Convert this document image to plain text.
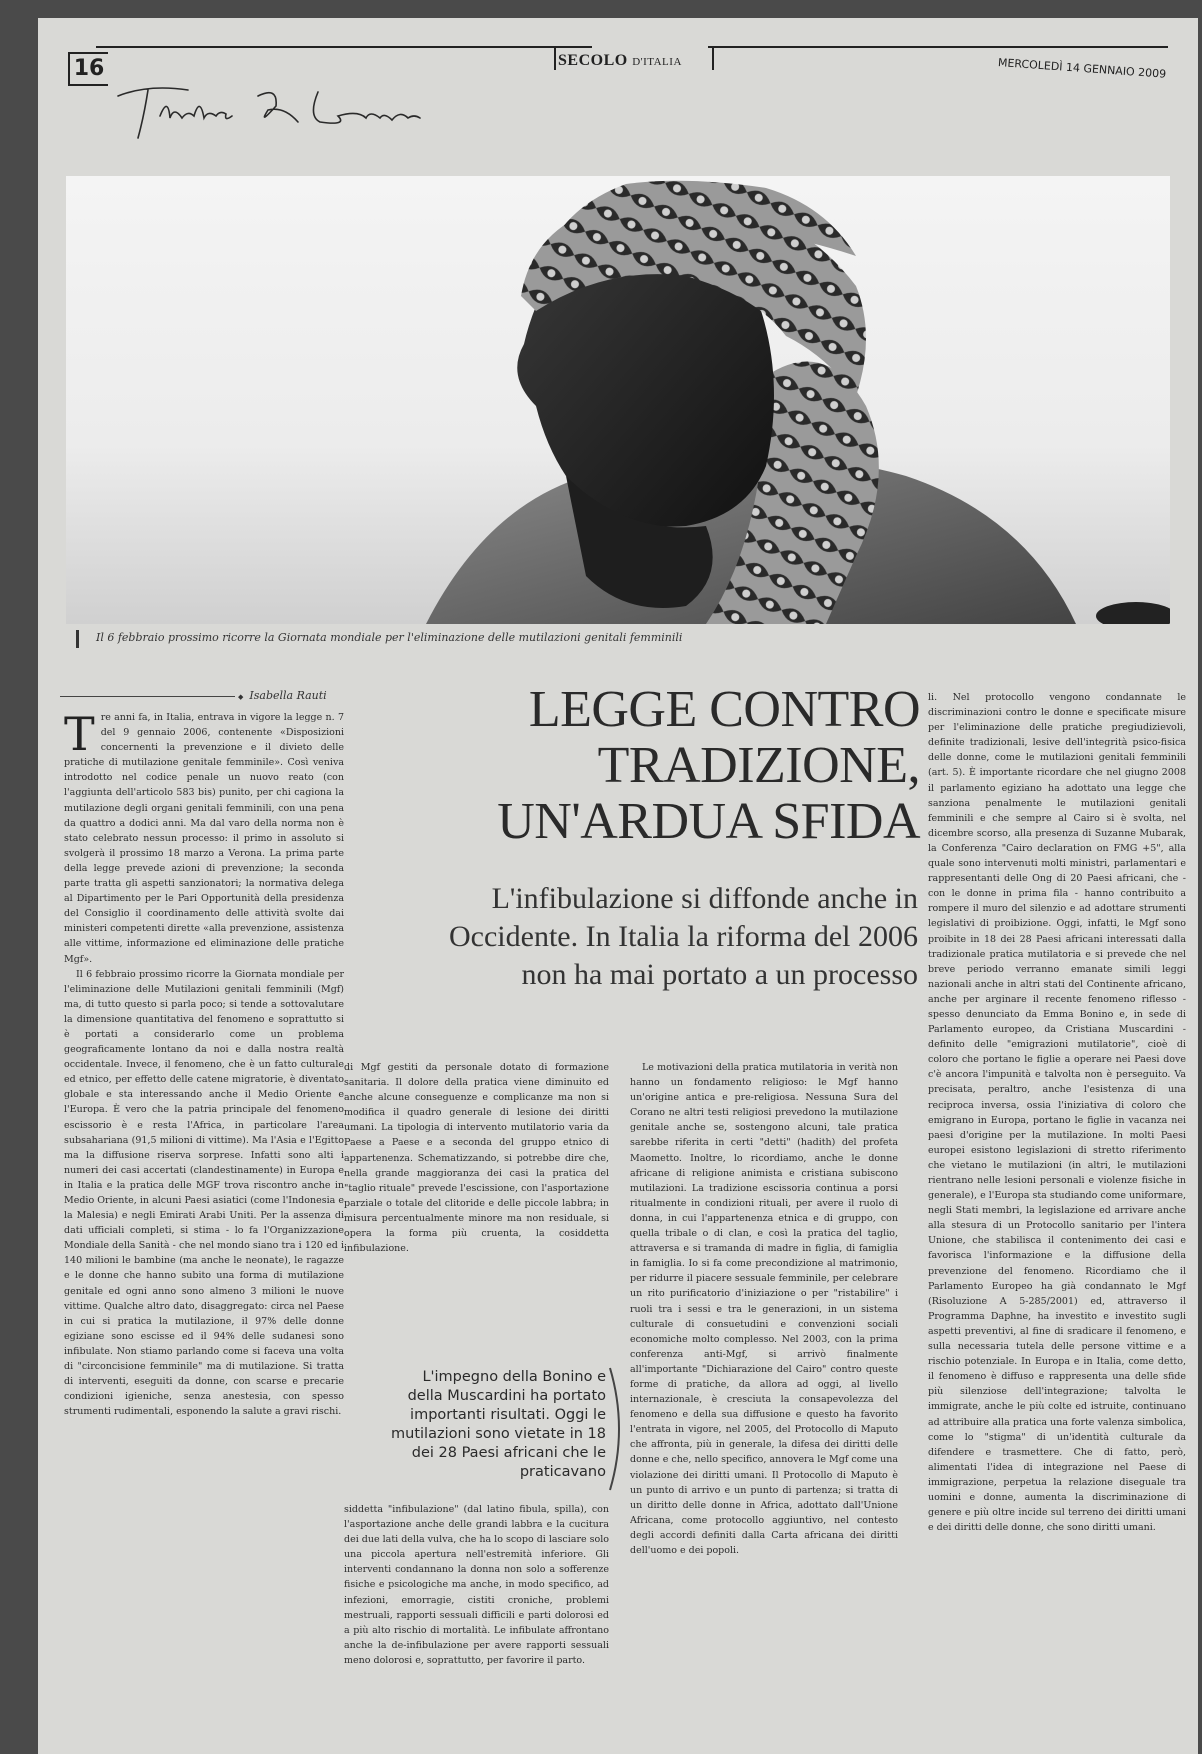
16	SECOLO D'ITALIA	MERCOLEDÌ 14 GENNAIO 2009
Il 6 febbraio prossimo ricorre la Giornata mondiale per l'eliminazione delle mutilazioni genitali femminili
◆ Isabella Rauti	LEGGE CONTRO
TRADIZIONE,
UN'ARDUA SFIDA
L'infibulazione si diffonde anche in Occidente. In Italia la riforma del 2006 non ha mai portato a un processo

Tre anni fa, in Italia, entrava in vigore la legge n. 7 del 9 gennaio 2006, contenente «Disposizioni concernenti la prevenzione e il divieto delle pratiche di mutilazione genitale femminile». Così veniva introdotto nel codice penale un nuovo reato (con l'aggiunta dell'articolo 583 bis) punito, per chi cagiona la mutilazione degli organi genitali femminili, con una pena da quattro a dodici anni. Ma dal varo della norma non è stato celebrato nessun processo: il primo in assoluto si svolgerà il prossimo 18 marzo a Verona. La prima parte della legge prevede azioni di prevenzione; la seconda parte tratta gli aspetti sanzionatori; la normativa delega al Dipartimento per le Pari Opportunità della presidenza del Consiglio il coordinamento delle attività svolte dai ministeri competenti dirette «alla prevenzione, assistenza alle vittime, informazione ed eliminazione delle pratiche Mgf».

Il 6 febbraio prossimo ricorre la Giornata mondiale per l'eliminazione delle Mutilazioni genitali femminili (Mgf) ma, di tutto questo si parla poco; si tende a sottovalutare la dimensione quantitativa del fenomeno e soprattutto si è portati a considerarlo come un problema geograficamente lontano da noi e dalla nostra realtà occidentale. Invece, il fenomeno, che è un fatto culturale ed etnico, per effetto delle catene migratorie, è diventato globale e sta interessando anche il Medio Oriente e l'Europa. È vero che la patria principale del fenomeno escissorio è e resta l'Africa, in particolare l'area subsahariana (91,5 milioni di vittime). Ma l'Asia e l'Egitto ma la diffusione riserva sorprese. Infatti sono alti i numeri dei casi accertati (clandestinamente) in Europa e in Italia e la pratica delle MGF trova riscontro anche in Medio Oriente, in alcuni Paesi asiatici (come l'Indonesia e la Malesia) e negli Emirati Arabi Uniti. Per la assenza di dati ufficiali completi, si stima - lo fa l'Organizzazione Mondiale della Sanità - che nel mondo siano tra i 120 ed i 140 milioni le bambine (ma anche le neonate), le ragazze e le donne che hanno subito una forma di mutilazione genitale ed ogni anno sono almeno 3 milioni le nuove vittime. Qualche altro dato, disaggregato: circa nel Paese in cui si pratica la mutilazione, il 97% delle donne egiziane sono escisse ed il 94% delle sudanesi sono infibulate. Non stiamo parlando come si faceva una volta di "circoncisione femminile" ma di mutilazione. Si tratta di interventi, eseguiti da donne, con scarse e precarie condizioni igieniche, senza anestesia, con spesso strumenti rudimentali, esponendo la salute a gravi rischi.

di Mgf gestiti da personale dotato di formazione sanitaria. Il dolore della pratica viene diminuito ed anche alcune conseguenze e complicanze ma non si modifica il quadro generale di lesione dei diritti umani. La tipologia di intervento mutilatorio varia da Paese a Paese e a seconda del gruppo etnico di appartenenza. Schematizzando, si potrebbe dire che, nella grande maggioranza dei casi la pratica del "taglio rituale" prevede l'escissione, con l'asportazione parziale o totale del clitoride e delle piccole labbra; in misura percentualmente minore ma non residuale, si opera la forma più cruenta, la cosiddetta infibulazione.

L'impegno della Bonino e della Muscardini ha portato importanti risultati. Oggi le mutilazioni sono vietate in 18 dei 28 Paesi africani che le praticavano

siddetta "infibulazione" (dal latino fibula, spilla), con l'asportazione anche delle grandi labbra e la cucitura dei due lati della vulva, che ha lo scopo di lasciare solo una piccola apertura nell'estremità inferiore. Gli interventi condannano la donna non solo a sofferenze fisiche e psicologiche ma anche, in modo specifico, ad infezioni, emorragie, cistiti croniche, problemi mestruali, rapporti sessuali difficili e parti dolorosi ed a più alto rischio di mortalità. Le infibulate affrontano anche la de-infibulazione per avere rapporti sessuali meno dolorosi e, soprattutto, per favorire il parto.

Le motivazioni della pratica mutilatoria in verità non hanno un fondamento religioso: le Mgf hanno un'origine antica e pre-religiosa. Nessuna Sura del Corano ne altri testi religiosi prevedono la mutilazione genitale anche se, sostengono alcuni, tale pratica sarebbe riferita in certi "detti" (hadith) del profeta Maometto. Inoltre, lo ricordiamo, anche le donne africane di religione animista e cristiana subiscono mutilazioni. La tradizione escissoria continua a porsi ritualmente in condizioni rituali, per avere il ruolo di donna, in cui l'appartenenza etnica e di gruppo, con quella tribale o di clan, e così la pratica del taglio, attraversa e si tramanda di madre in figlia, di famiglia in famiglia. Io si fa come precondizione al matrimonio, per ridurre il piacere sessuale femminile, per celebrare un rito purificatorio d'iniziazione o per "ristabilire" i ruoli tra i sessi e tra le generazioni, in un sistema culturale di consuetudini e convenzioni sociali economiche molto complesso. Nel 2003, con la prima conferenza anti-Mgf, si arrivò finalmente all'importante "Dichiarazione del Cairo" contro queste forme di pratiche, da allora ad oggi, al livello internazionale, è cresciuta la consapevolezza del fenomeno e della sua diffusione e questo ha favorito l'entrata in vigore, nel 2005, del Protocollo di Maputo che affronta, più in generale, la difesa dei diritti delle donne e che, nello specifico, annovera le Mgf come una violazione dei diritti umani. Il Protocollo di Maputo è un punto di arrivo e un punto di partenza; si tratta di un diritto delle donne in Africa, adottato dall'Unione Africana, come protocollo aggiuntivo, nel contesto degli accordi definiti dalla Carta africana dei diritti dell'uomo e dei popoli.

li. Nel protocollo vengono condannate le discriminazioni contro le donne e specificate misure per l'eliminazione delle pratiche pregiudizievoli, definite tradizionali, lesive dell'integrità psico-fisica delle donne, come le mutilazioni genitali femminili (art. 5). È importante ricordare che nel giugno 2008 il parlamento egiziano ha adottato una legge che sanziona penalmente le mutilazioni genitali femminili e che sempre al Cairo si è svolta, nel dicembre scorso, alla presenza di Suzanne Mubarak, la Conferenza "Cairo declaration on FMG +5", alla quale sono intervenuti molti ministri, parlamentari e rappresentanti delle Ong di 20 Paesi africani, che - con le donne in prima fila - hanno contribuito a rompere il muro del silenzio e ad adottare strumenti legislativi di proibizione. Oggi, infatti, le Mgf sono proibite in 18 dei 28 Paesi africani interessati dalla tradizionale pratica mutilatoria e si prevede che nel breve periodo verranno emanate simili leggi nazionali anche in altri stati del Continente africano, anche per arginare il recente fenomeno riflesso - spesso denunciato da Emma Bonino e, in sede di Parlamento europeo, da Cristiana Muscardini - definito delle "emigrazioni mutilatorie", cioè di coloro che portano le figlie a operare nei Paesi dove c'è ancora l'impunità e talvolta non è perseguito. Va precisata, peraltro, anche l'esistenza di una reciproca inversa, ossia l'iniziativa di coloro che emigrano in Europa, portano le figlie in vacanza nei paesi d'origine per la mutilazione. In molti Paesi europei esistono legislazioni di stretto riferimento che vietano le mutilazioni (in altri, le mutilazioni rientrano nelle lesioni personali e violenze fisiche in generale), e l'Europa sta studiando come uniformare, negli Stati membri, la legislazione ed arrivare anche alla stesura di un Protocollo sanitario per l'intera Unione, che stabilisca il contenimento dei casi e favorisca l'informazione e la diffusione della prevenzione del fenomeno. Ricordiamo che il Parlamento Europeo ha già condannato le Mgf (Risoluzione A 5-285/2001) ed, attraverso il Programma Daphne, ha investito e investito sugli aspetti preventivi, al fine di sradicare il fenomeno, e sulla necessaria tutela delle persone vittime e a rischio potenziale. In Europa e in Italia, come detto, il fenomeno è diffuso e rappresenta una delle sfide più silenziose dell'integrazione; talvolta le immigrate, anche le più colte ed istruite, continuano ad attribuire alla pratica una forte valenza simbolica, come lo "stigma" di un'identità culturale da difendere e trasmettere. Che di fatto, però, alimentati l'idea di integrazione nel Paese di immigrazione, perpetua la relazione diseguale tra uomini e donne, aumenta la discriminazione di genere e più oltre incide sul terreno dei diritti umani e dei diritti delle donne, che sono diritti umani.
